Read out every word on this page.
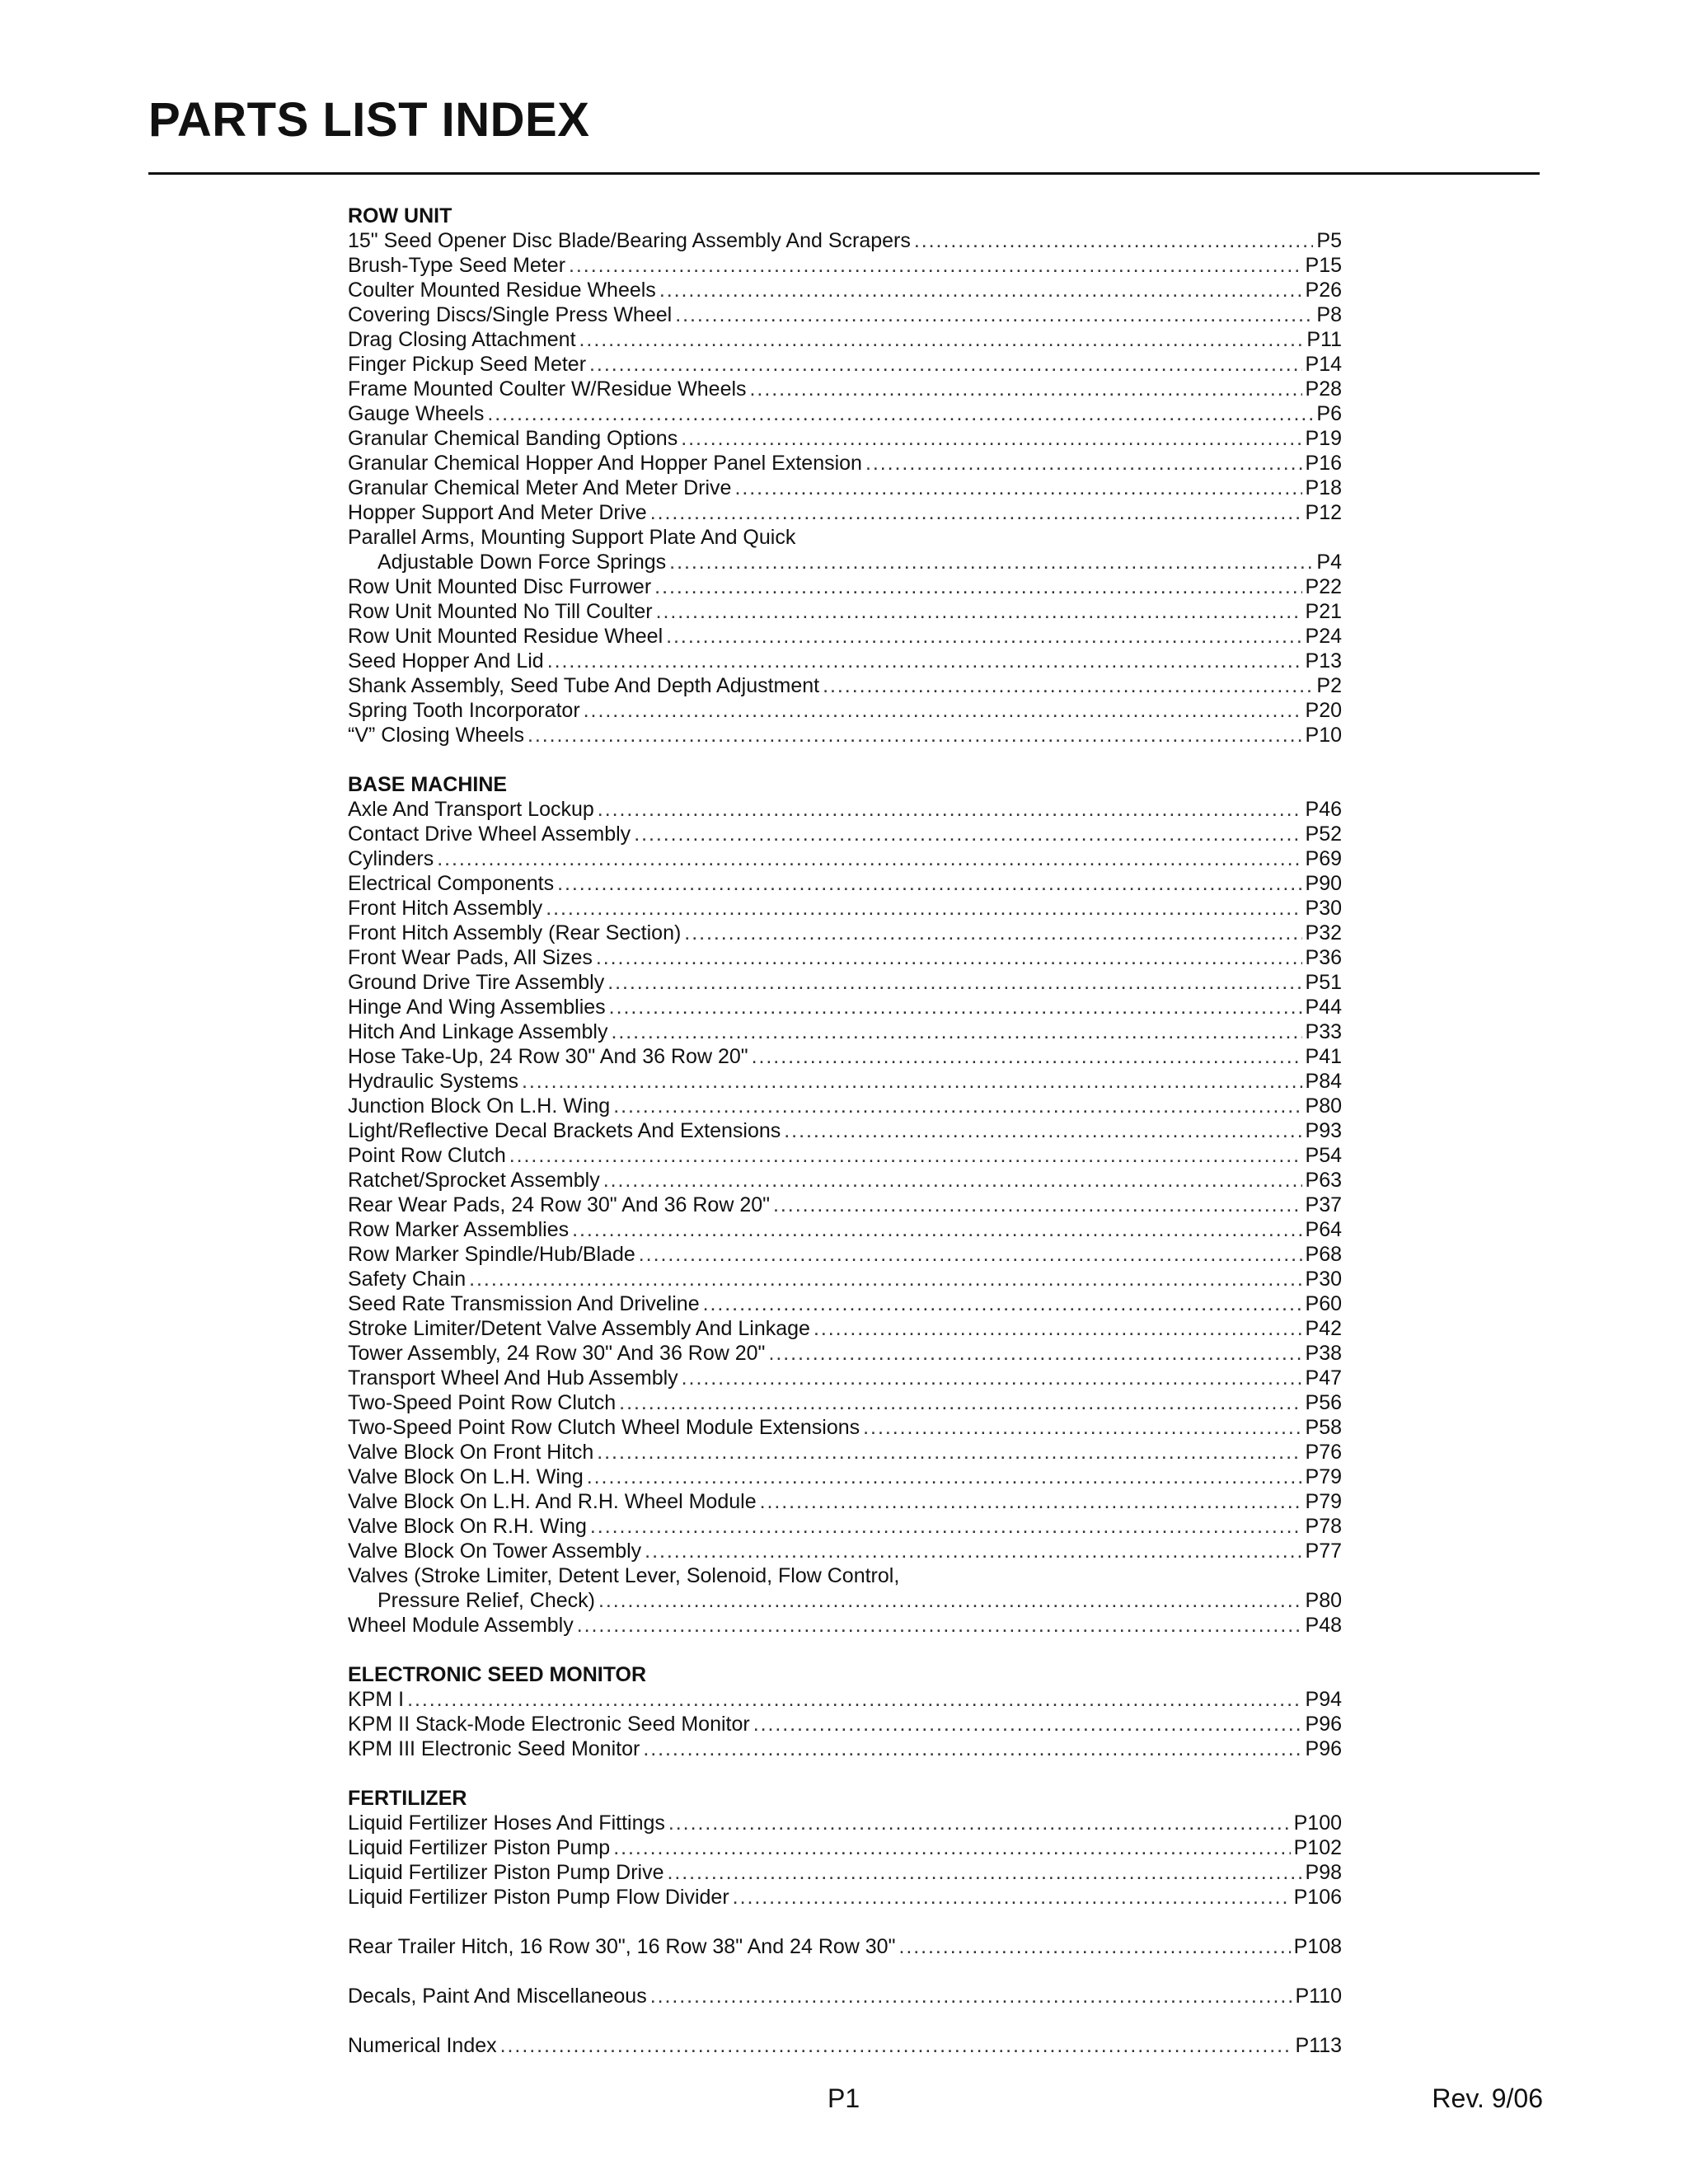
PARTS LIST INDEX
ROW UNIT
15" Seed Opener Disc Blade/Bearing Assembly And Scrapers . . .	P5
Brush-Type Seed Meter . . .	P15
Coulter Mounted Residue Wheels . . .	P26
Covering Discs/Single Press Wheel . . .	P8
Drag Closing Attachment . . .	P11
Finger Pickup Seed Meter . . .	P14
Frame Mounted Coulter W/Residue Wheels . . .	P28
Gauge Wheels . . .	P6
Granular Chemical Banding Options . . .	P19
Granular Chemical Hopper And Hopper Panel Extension . . .	P16
Granular Chemical Meter And Meter Drive . . .	P18
Hopper Support And Meter Drive . . .	P12
Parallel Arms, Mounting Support Plate And Quick
Adjustable Down Force Springs . . .	P4
Row Unit Mounted Disc Furrower . . .	P22
Row Unit Mounted No Till Coulter . . .	P21
Row Unit Mounted Residue Wheel . . .	P24
Seed Hopper And Lid . . .	P13
Shank Assembly, Seed Tube And Depth Adjustment . . .	P2
Spring Tooth Incorporator . . .	P20
“V” Closing Wheels . . .	P10
BASE MACHINE
Axle And Transport Lockup . . .	P46
Contact Drive Wheel Assembly . . .	P52
Cylinders . . .	P69
Electrical Components . . .	P90
Front Hitch Assembly . . .	P30
Front Hitch Assembly (Rear Section) . . .	P32
Front Wear Pads, All Sizes . . .	P36
Ground Drive Tire Assembly . . .	P51
Hinge And Wing Assemblies . . .	P44
Hitch And Linkage Assembly . . .	P33
Hose Take-Up, 24 Row 30" And 36 Row 20" . . .	P41
Hydraulic Systems . . .	P84
Junction Block On L.H. Wing . . .	P80
Light/Reflective Decal Brackets And Extensions . . .	P93
Point Row Clutch . . .	P54
Ratchet/Sprocket Assembly . . .	P63
Rear Wear Pads, 24 Row 30" And 36 Row 20" . . .	P37
Row Marker Assemblies . . .	P64
Row Marker Spindle/Hub/Blade . . .	P68
Safety Chain . . .	P30
Seed Rate Transmission And Driveline . . .	P60
Stroke Limiter/Detent Valve Assembly And Linkage . . .	P42
Tower Assembly, 24 Row 30" And 36 Row 20" . . .	P38
Transport Wheel And Hub Assembly . . .	P47
Two-Speed Point Row Clutch . . .	P56
Two-Speed Point Row Clutch Wheel Module Extensions . . .	P58
Valve Block On Front Hitch . . .	P76
Valve Block On L.H. Wing . . .	P79
Valve Block On L.H. And R.H. Wheel Module . . .	P79
Valve Block On R.H. Wing . . .	P78
Valve Block On Tower Assembly . . .	P77
Valves (Stroke Limiter, Detent Lever, Solenoid, Flow Control,
Pressure Relief, Check) . . .	P80
Wheel Module Assembly . . .	P48
ELECTRONIC SEED MONITOR
KPM I . . .	P94
KPM II Stack-Mode Electronic Seed Monitor . . .	P96
KPM III Electronic Seed Monitor . . .	P96
FERTILIZER
Liquid Fertilizer Hoses And Fittings . . .	P100
Liquid Fertilizer Piston Pump . . .	P102
Liquid Fertilizer Piston Pump Drive . . .	P98
Liquid Fertilizer Piston Pump Flow Divider . . .	P106
Rear Trailer Hitch, 16 Row 30", 16 Row 38" And 24 Row 30" . . .	P108
Decals, Paint And Miscellaneous . . .	P110
Numerical Index . . .	P113
P1	Rev. 9/06
